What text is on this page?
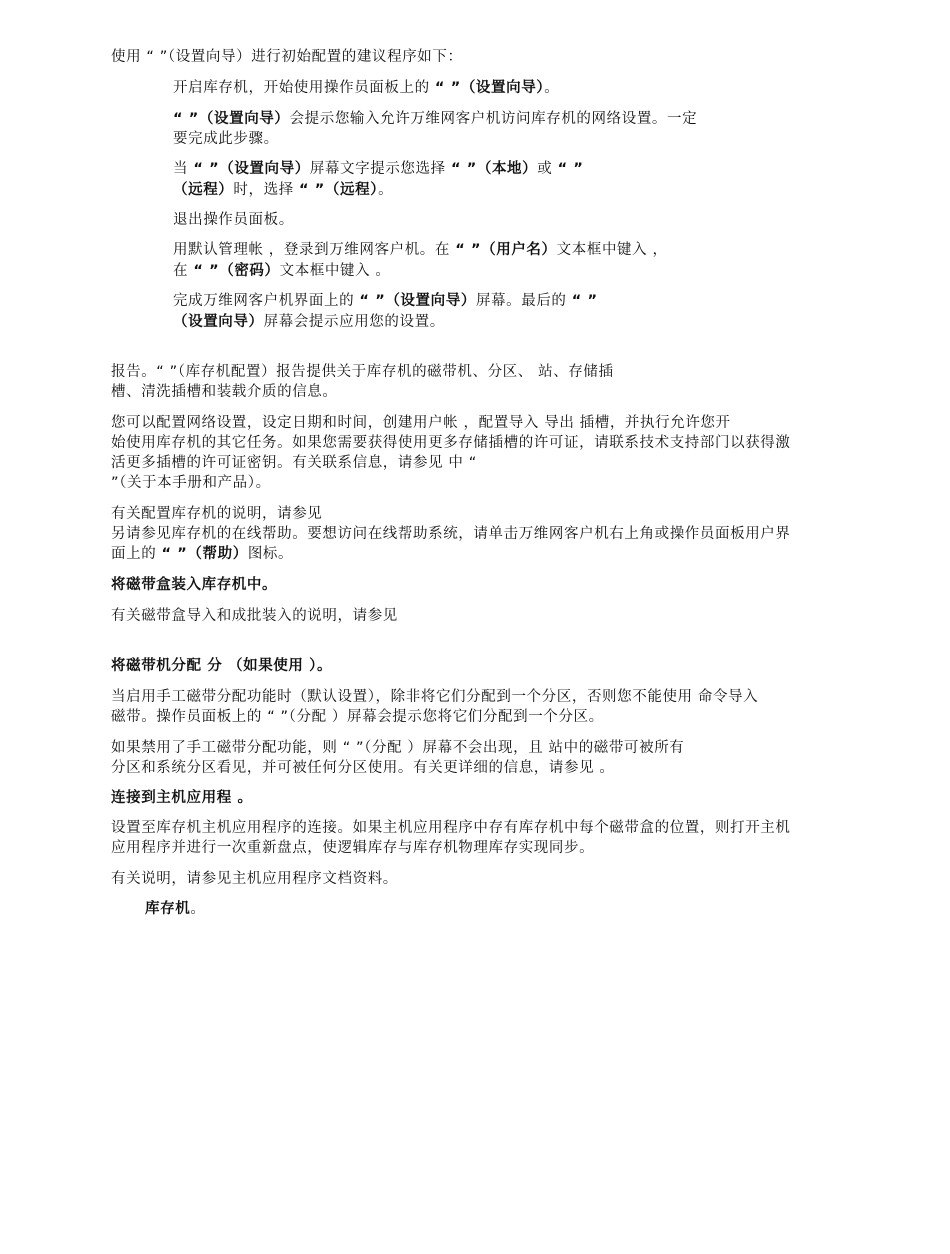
使用 “ ”（设置向导）进行初始配置的建议程序如下：

开启库存机，开始使用操作员面板上的 “ ”（设置向导）。

“ ”（设置向导）会提示您输入允许万维网客户机访问库存机的网络设置。一定

要完成此步骤。

当 “ ”（设置向导）屏幕文字提示您选择 “ ”（本地）或 “ ”

（远程）时，选择 “ ”（远程）。

退出操作员面板。

用默认管理帐 ，登录到万维网客户机。在 “ ”（用户名）文本框中键入 ，

在 “ ”（密码）文本框中键入 。

完成万维网客户机界面上的 “ ”（设置向导）屏幕。最后的 “ ”

（设置向导）屏幕会提示应用您的设置。

报告。“ ”（库存机配置）报告提供关于库存机的磁带机、分区、 站、存储插

槽、清洗插槽和装载介质的信息。

您可以配置网络设置，设定日期和时间，创建用户帐 ，配置导入 导出 插槽，并执行允许您开

始使用库存机的其它任务。如果您需要获得使用更多存储插槽的许可证，请联系技术支持部门以获得激

活更多插槽的许可证密钥。有关联系信息，请参见 中 “

”（关于本手册和产品）。

有关配置库存机的说明，请参见

另请参见库存机的在线帮助。要想访问在线帮助系统，请单击万维网客户机右上角或操作员面板用户界

面上的 “ ”（帮助）图标。

将磁带盒装入库存机中。

有关磁带盒导入和成批装入的说明，请参见

将磁带机分配 分 （如果使用 ）。

当启用手工磁带分配功能时（默认设置），除非将它们分配到一个分区，否则您不能使用 命令导入

磁带。操作员面板上的 “ ”（分配 ）屏幕会提示您将它们分配到一个分区。

如果禁用了手工磁带分配功能，则 “ ”（分配 ）屏幕不会出现，且 站中的磁带可被所有

分区和系统分区看见，并可被任何分区使用。有关更详细的信息，请参见 。

连接到主机应用程 。

设置至库存机主机应用程序的连接。如果主机应用程序中存有库存机中每个磁带盒的位置，则打开主机

应用程序并进行一次重新盘点，使逻辑库存与库存机物理库存实现同步。

有关说明，请参见主机应用程序文档资料。

库存机。
